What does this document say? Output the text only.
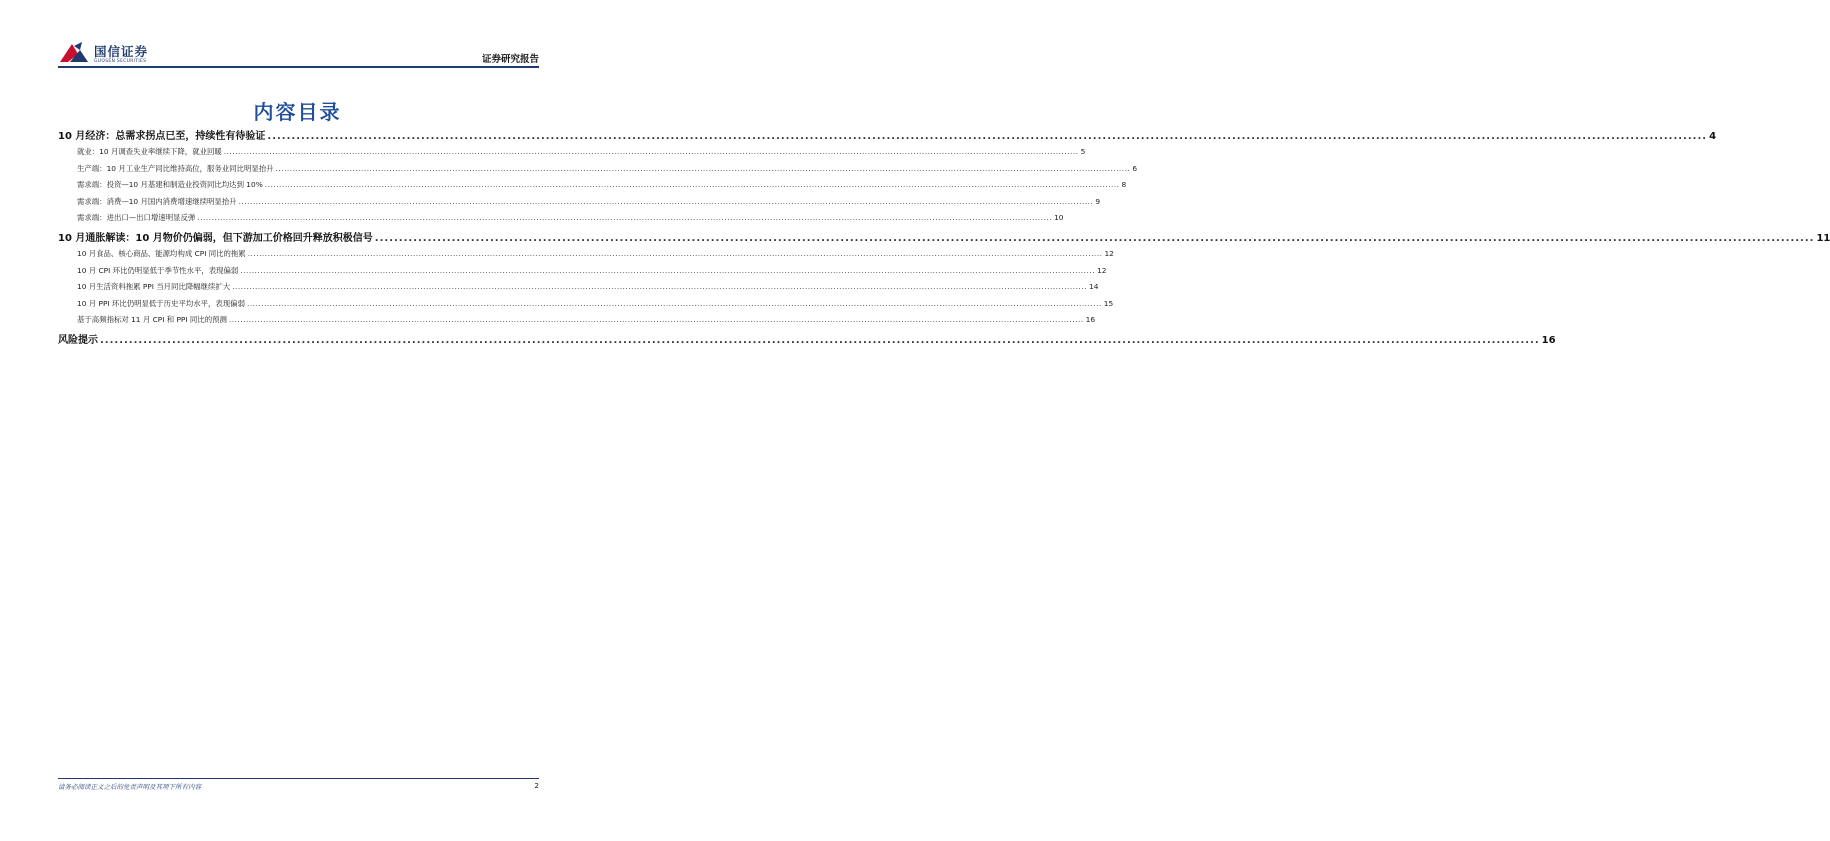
国信证券
GUOSEN SECURITIES	证券研究报告
内容目录
10 月经济：总需求拐点已至，持续性有待验证 ............................................................................................................................................................................................................................................................................................................ 4
就业：10 月调查失业率继续下降，就业回暖 ............................................................................................................................................................................................................................................................................................................ 5
生产端：10 月工业生产同比维持高位，服务业同比明显抬升 ............................................................................................................................................................................................................................................................................................................ 6
需求端：投资—10 月基建和制造业投资同比均达到 10% ............................................................................................................................................................................................................................................................................................................ 8
需求端：消费—10 月国内消费增速继续明显抬升 ............................................................................................................................................................................................................................................................................................................ 9
需求端：进出口—出口增速明显反弹 ............................................................................................................................................................................................................................................................................................................ 10
10 月通胀解读：10 月物价仍偏弱，但下游加工价格回升释放积极信号 ............................................................................................................................................................................................................................................................................................................ 11
10 月食品、核心商品、能源均构成 CPI 同比的拖累 ............................................................................................................................................................................................................................................................................................................ 12
10 月 CPI 环比仍明显低于季节性水平，表现偏弱 ............................................................................................................................................................................................................................................................................................................ 12
10 月生活资料拖累 PPI 当月同比降幅继续扩大 ............................................................................................................................................................................................................................................................................................................ 14
10 月 PPI 环比仍明显低于历史平均水平，表现偏弱 ............................................................................................................................................................................................................................................................................................................ 15
基于高频指标对 11 月 CPI 和 PPI 同比的预测 ............................................................................................................................................................................................................................................................................................................ 16
风险提示 ............................................................................................................................................................................................................................................................................................................ 16
请务必阅读正文之后的免责声明及其项下所有内容	2
